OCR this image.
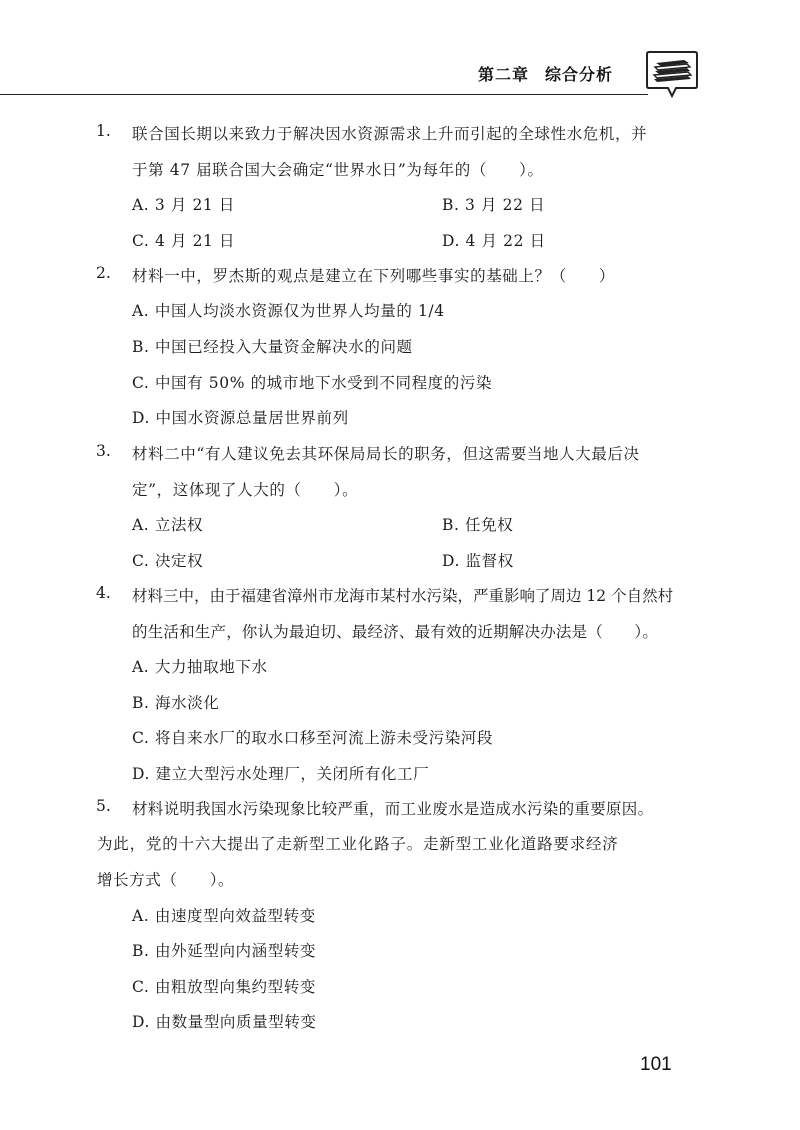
第二章 综合分析
1. 联合国长期以来致力于解决因水资源需求上升而引起的全球性水危机，并
于第 47 届联合国大会确定“世界水日”为每年的（　　）。
A. 3 月 21 日	B. 3 月 22 日
C. 4 月 21 日	D. 4 月 22 日
2. 材料一中，罗杰斯的观点是建立在下列哪些事实的基础上？（　　）
A. 中国人均淡水资源仅为世界人均量的 1/4
B. 中国已经投入大量资金解决水的问题
C. 中国有 50% 的城市地下水受到不同程度的污染
D. 中国水资源总量居世界前列
3. 材料二中“有人建议免去其环保局局长的职务，但这需要当地人大最后决
定”，这体现了人大的（　　）。
A. 立法权	B. 任免权
C. 决定权	D. 监督权
4. 材料三中，由于福建省漳州市龙海市某村水污染，严重影响了周边 12 个自然村
的生活和生产，你认为最迫切、最经济、最有效的近期解决办法是（　　）。
A. 大力抽取地下水
B. 海水淡化
C. 将自来水厂的取水口移至河流上游未受污染河段
D. 建立大型污水处理厂，关闭所有化工厂
5. 材料说明我国水污染现象比较严重，而工业废水是造成水污染的重要原因。
为此，党的十六大提出了走新型工业化路子。走新型工业化道路要求经济
增长方式（　　）。
A. 由速度型向效益型转变
B. 由外延型向内涵型转变
C. 由粗放型向集约型转变
D. 由数量型向质量型转变
101
